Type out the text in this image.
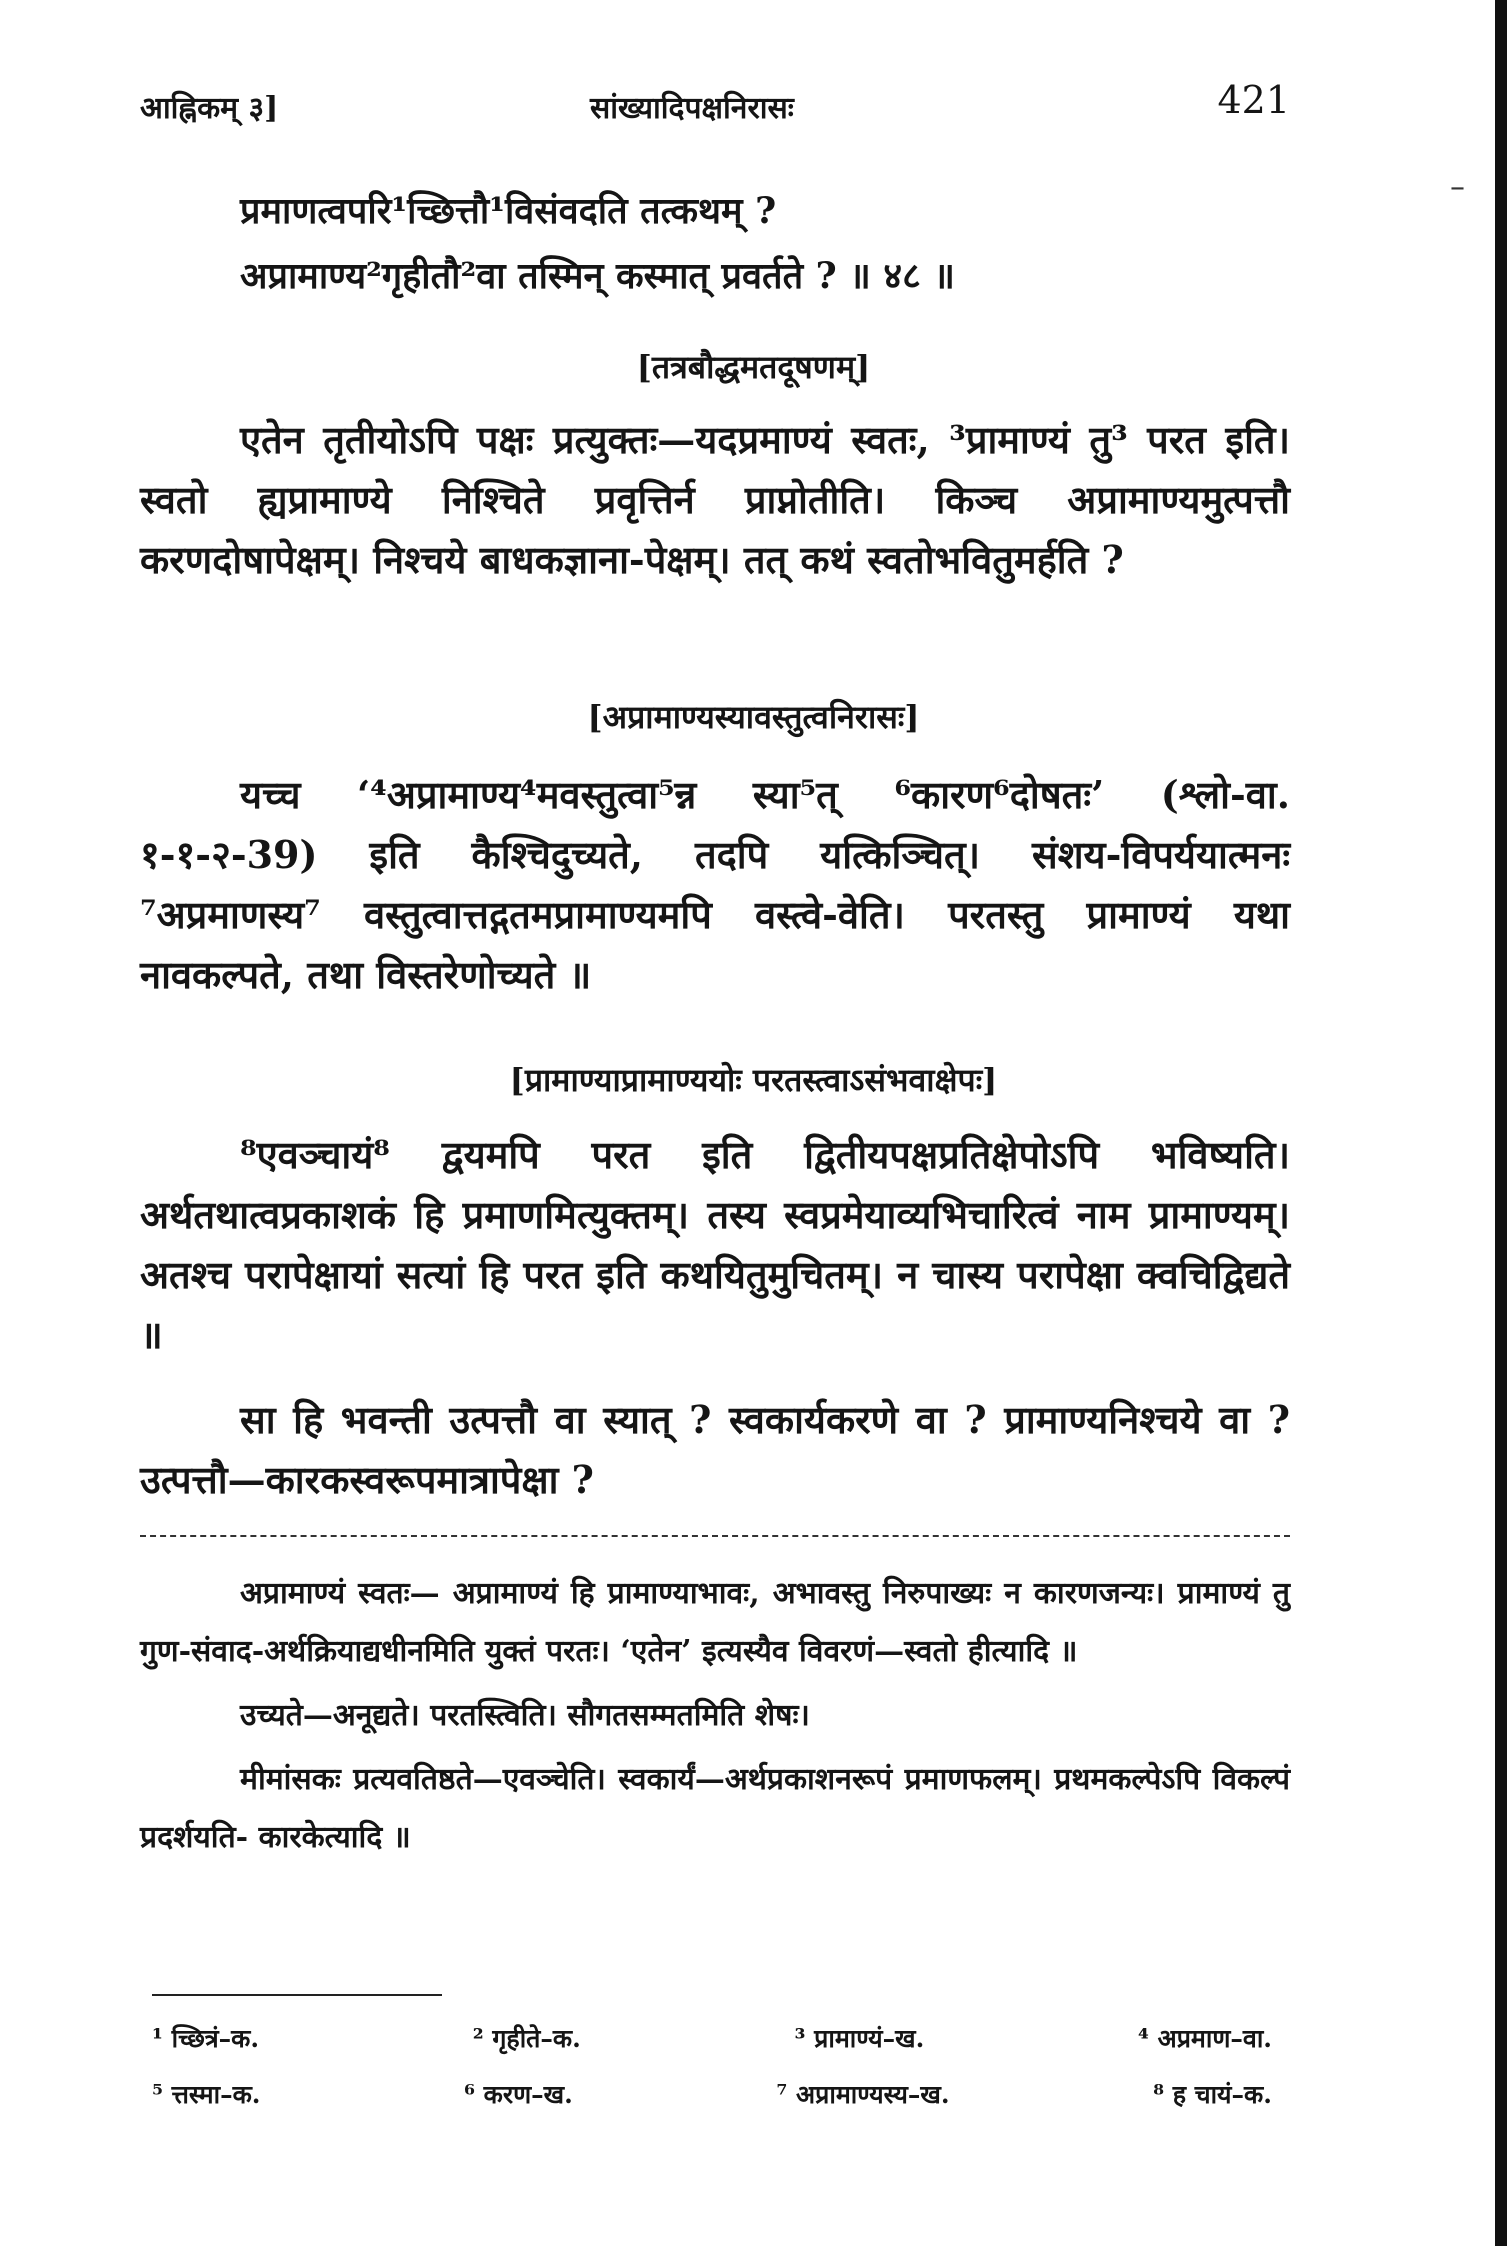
–
आह्निकम् ३]	सांख्यादिपक्षनिरासः	421
प्रमाणत्वपरि¹च्छित्तौ¹विसंवदति तत्कथम् ?
अप्रामाण्य²गृहीतौ²वा तस्मिन् कस्मात् प्रवर्तते ? ॥ ४८ ॥
[तत्रबौद्धमतदूषणम्]

एतेन तृतीयोऽपि पक्षः प्रत्युक्तः—यदप्रमाण्यं स्वतः, ³प्रामाण्यं तु³ परत इति। स्वतो ह्यप्रामाण्ये निश्चिते प्रवृत्तिर्न प्राप्नोतीति। किञ्च अप्रामाण्यमुत्पत्तौ करणदोषापेक्षम्। निश्चये बाधकज्ञाना-पेक्षम्। तत् कथं स्वतोभवितुमर्हति ?

[अप्रामाण्यस्यावस्तुत्वनिरासः]

यच्च ‘⁴अप्रामाण्य⁴मवस्तुत्वा⁵न्न स्या⁵त् ⁶कारण⁶दोषतः’ (श्लो-वा. १-१-२-39) इति कैश्चिदुच्यते, तदपि यत्किञ्चित्। संशय-विपर्ययात्मनः ⁷अप्रमाणस्य⁷ वस्तुत्वात्तद्गतमप्रामाण्यमपि वस्त्वे-वेति। परतस्तु प्रामाण्यं यथा नावकल्पते, तथा विस्तरेणोच्यते ॥

[प्रामाण्याप्रामाण्ययोः परतस्त्वाऽसंभवाक्षेपः]

⁸एवञ्चायं⁸ द्वयमपि परत इति द्वितीयपक्षप्रतिक्षेपोऽपि भविष्यति। अर्थतथात्वप्रकाशकं हि प्रमाणमित्युक्तम्। तस्य स्वप्रमेयाव्यभिचारित्वं नाम प्रामाण्यम्। अतश्च परापेक्षायां सत्यां हि परत इति कथयितुमुचितम्। न चास्य परापेक्षा क्वचिद्विद्यते ॥

सा हि भवन्ती उत्पत्तौ वा स्यात् ? स्वकार्यकरणे वा ? प्रामाण्यनिश्चये वा ? उत्पत्तौ—कारकस्वरूपमात्रापेक्षा ?

अप्रामाण्यं स्वतः— अप्रामाण्यं हि प्रामाण्याभावः, अभावस्तु निरुपाख्यः न कारणजन्यः। प्रामाण्यं तु गुण-संवाद-अर्थक्रियाद्यधीनमिति युक्तं परतः। ‘एतेन’ इत्यस्यैव विवरणं—स्वतो हीत्यादि ॥

उच्यते—अनूद्यते। परतस्त्विति। सौगतसम्मतमिति शेषः।

मीमांसकः प्रत्यवतिष्ठते—एवञ्चेति। स्वकार्यं—अर्थप्रकाशनरूपं प्रमाणफलम्। प्रथमकल्पेऽपि विकल्पं प्रदर्शयति- कारकेत्यादि ॥

¹ च्छित्रं–क.	² गृहीते–क.	³ प्रामाण्यं–ख.	⁴ अप्रमाण–वा.
⁵ त्तस्मा–क.	⁶ करण–ख.	⁷ अप्रामाण्यस्य–ख.	⁸ ह चायं–क.
